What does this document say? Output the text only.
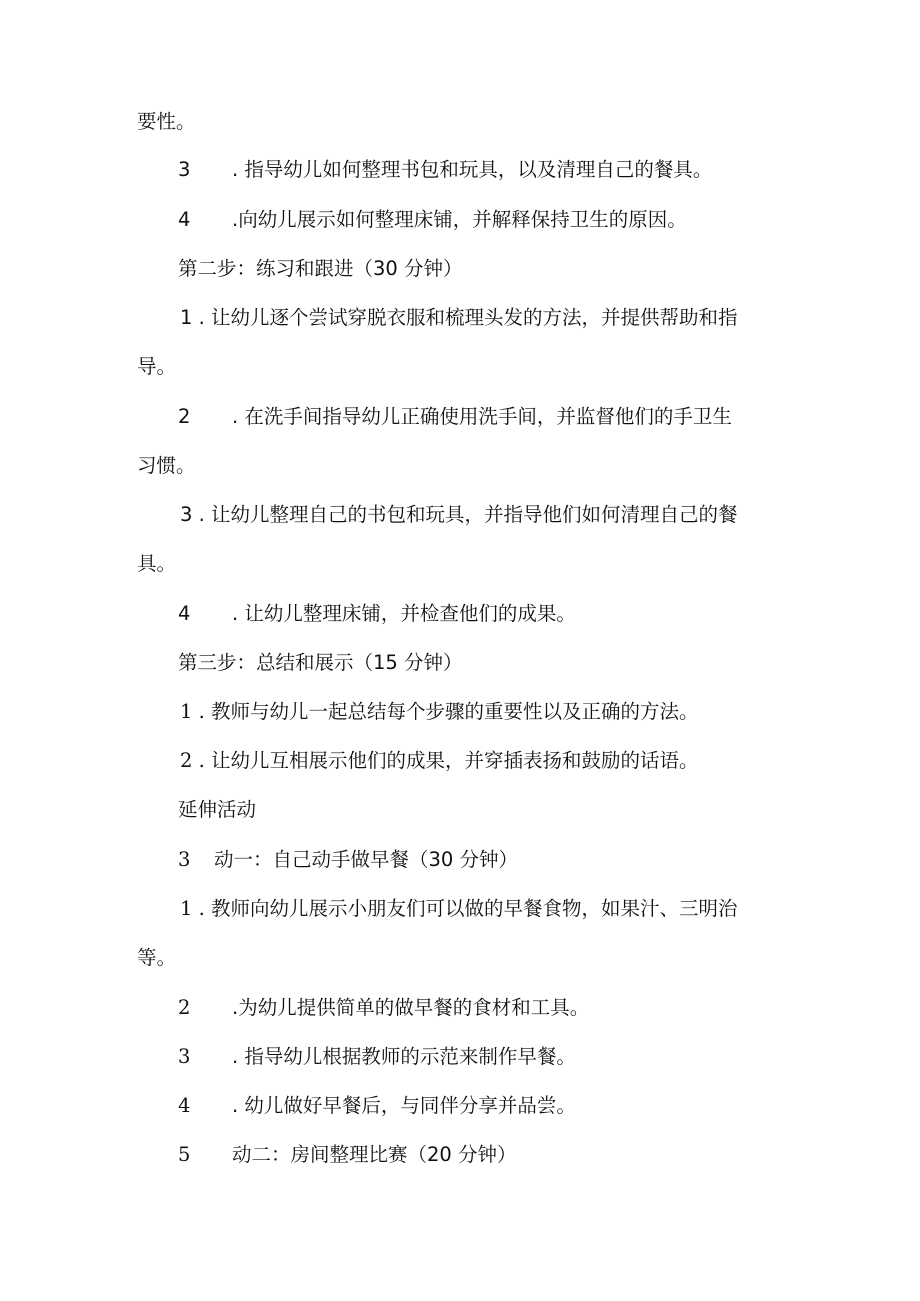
要性。
3 . 指导幼儿如何整理书包和玩具，以及清理自己的餐具。
4 .向幼儿展示如何整理床铺，并解释保持卫生的原因。
第二步：练习和跟进（30 分钟）
1 . 让幼儿逐个尝试穿脱衣服和梳理头发的方法，并提供帮助和指
导。
2 . 在洗手间指导幼儿正确使用洗手间，并监督他们的手卫生
习惯。
3 . 让幼儿整理自己的书包和玩具，并指导他们如何清理自己的餐
具。
4 . 让幼儿整理床铺，并检查他们的成果。
第三步：总结和展示（15 分钟）
1 . 教师与幼儿一起总结每个步骤的重要性以及正确的方法。
2 . 让幼儿互相展示他们的成果，并穿插表扬和鼓励的话语。
延伸活动
3 动一：自己动手做早餐（30 分钟）
1 . 教师向幼儿展示小朋友们可以做的早餐食物，如果汁、三明治
等。
2 .为幼儿提供简单的做早餐的食材和工具。
3 . 指导幼儿根据教师的示范来制作早餐。
4 . 幼儿做好早餐后，与同伴分享并品尝。
5 动二：房间整理比赛（20 分钟）
